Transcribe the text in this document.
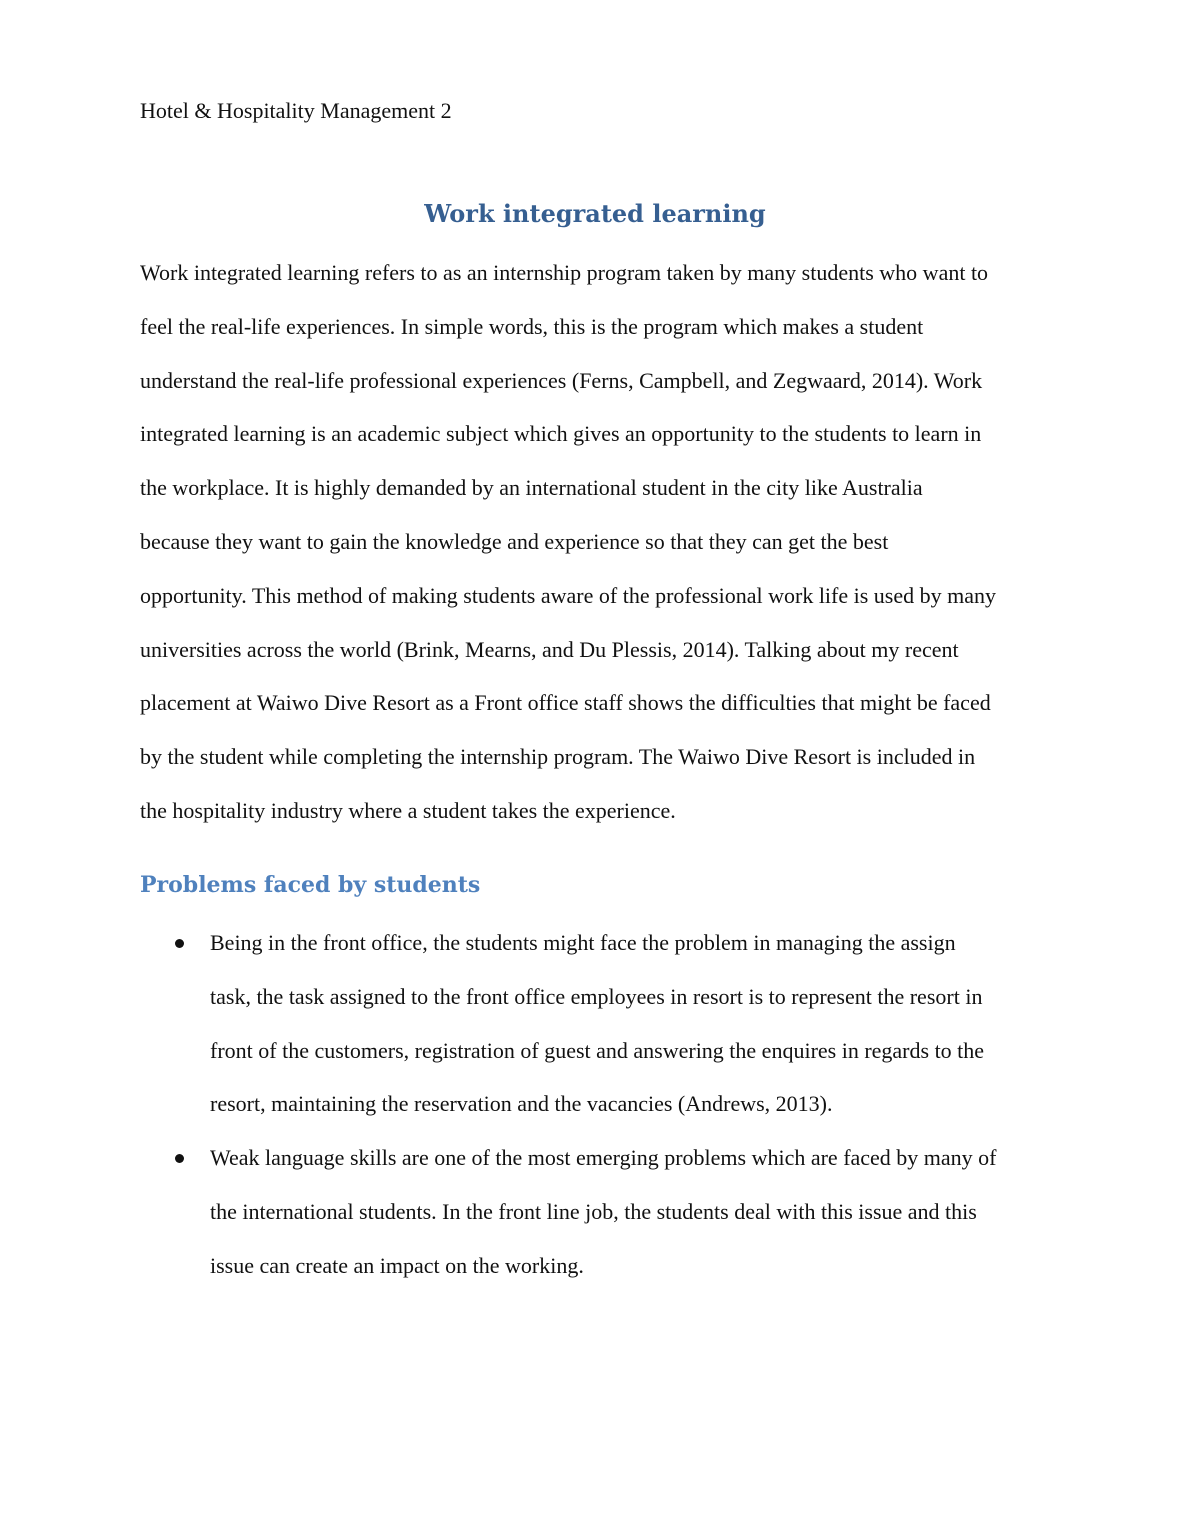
Hotel & Hospitality Management 2
Work integrated learning

Work integrated learning refers to as an internship program taken by many students who want to
feel the real-life experiences. In simple words, this is the program which makes a student
understand the real-life professional experiences (Ferns, Campbell, and Zegwaard, 2014). Work
integrated learning is an academic subject which gives an opportunity to the students to learn in
the workplace. It is highly demanded by an international student in the city like Australia
because they want to gain the knowledge and experience so that they can get the best
opportunity. This method of making students aware of the professional work life is used by many
universities across the world (Brink, Mearns, and Du Plessis, 2014). Talking about my recent
placement at Waiwo Dive Resort as a Front office staff shows the difficulties that might be faced
by the student while completing the internship program. The Waiwo Dive Resort is included in
the hospitality industry where a student takes the experience.

Problems faced by students
Being in the front office, the students might face the problem in managing the assign
task, the task assigned to the front office employees in resort is to represent the resort in
front of the customers, registration of guest and answering the enquires in regards to the
resort, maintaining the reservation and the vacancies (Andrews, 2013).
Weak language skills are one of the most emerging problems which are faced by many of
the international students. In the front line job, the students deal with this issue and this
issue can create an impact on the working.
